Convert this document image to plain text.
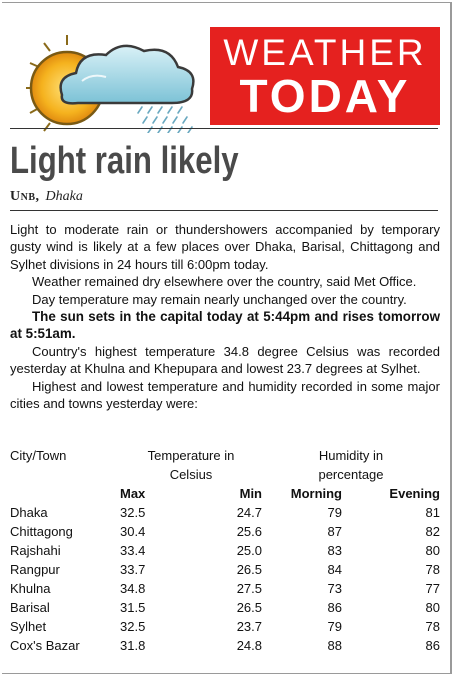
WEATHER
TODAY
Light rain likely
Unb, Dhaka

Light to moderate rain or thundershowers accompanied by temporary gusty wind is likely at a few places over Dhaka, Barisal, Chittagong and Sylhet divisions in 24 hours till 6:00pm today.

Weather remained dry elsewhere over the country, said Met Office.

Day temperature may remain nearly unchanged over the country.

The sun sets in the capital today at 5:44pm and rises tomorrow at 5:51am.

Country's highest temperature 34.8 degree Celsius was recorded yesterday at Khulna and Khepupara and lowest 23.7 degrees at Sylhet.

Highest and lowest temperature and humidity recorded in some major cities and towns yesterday were:

City/Town	Temperature in		Humidity in	
	Celsius		percentage	
	Max	Min	Morning	Evening
Dhaka	32.5	24.7	79	81
Chittagong	30.4	25.6	87	82
Rajshahi	33.4	25.0	83	80
Rangpur	33.7	26.5	84	78
Khulna	34.8	27.5	73	77
Barisal	31.5	26.5	86	80
Sylhet	32.5	23.7	79	78
Cox's Bazar	31.8	24.8	88	86
